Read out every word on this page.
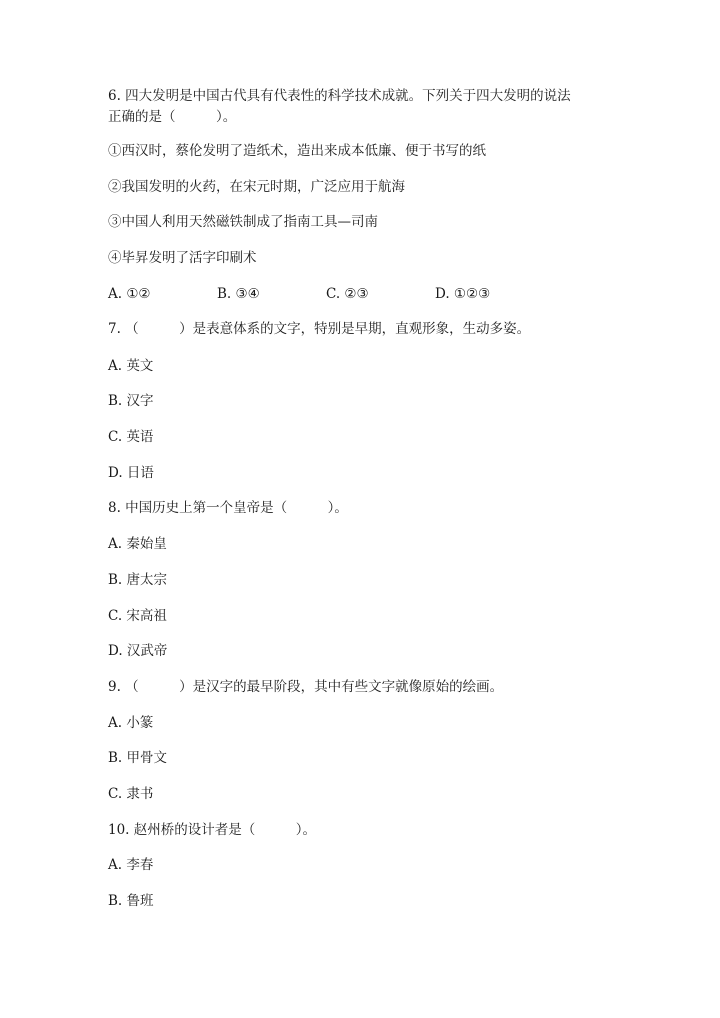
6. 四大发明是中国古代具有代表性的科学技术成就。下列关于四大发明的说法
正确的是（　　　）。
①西汉时，蔡伦发明了造纸术，造出来成本低廉、便于书写的纸
②我国发明的火药，在宋元时期，广泛应用于航海
③中国人利用天然磁铁制成了指南工具—司南
④毕昇发明了活字印刷术
A. ①②	B. ③④	C. ②③	D. ①②③
7. （　　　）是表意体系的文字，特别是早期，直观形象，生动多姿。
A. 英文
B. 汉字
C. 英语
D. 日语
8. 中国历史上第一个皇帝是（　　　）。
A. 秦始皇
B. 唐太宗
C. 宋高祖
D. 汉武帝
9. （　　　）是汉字的最早阶段，其中有些文字就像原始的绘画。
A. 小篆
B. 甲骨文
C. 隶书
10. 赵州桥的设计者是（　　　）。
A. 李春
B. 鲁班
